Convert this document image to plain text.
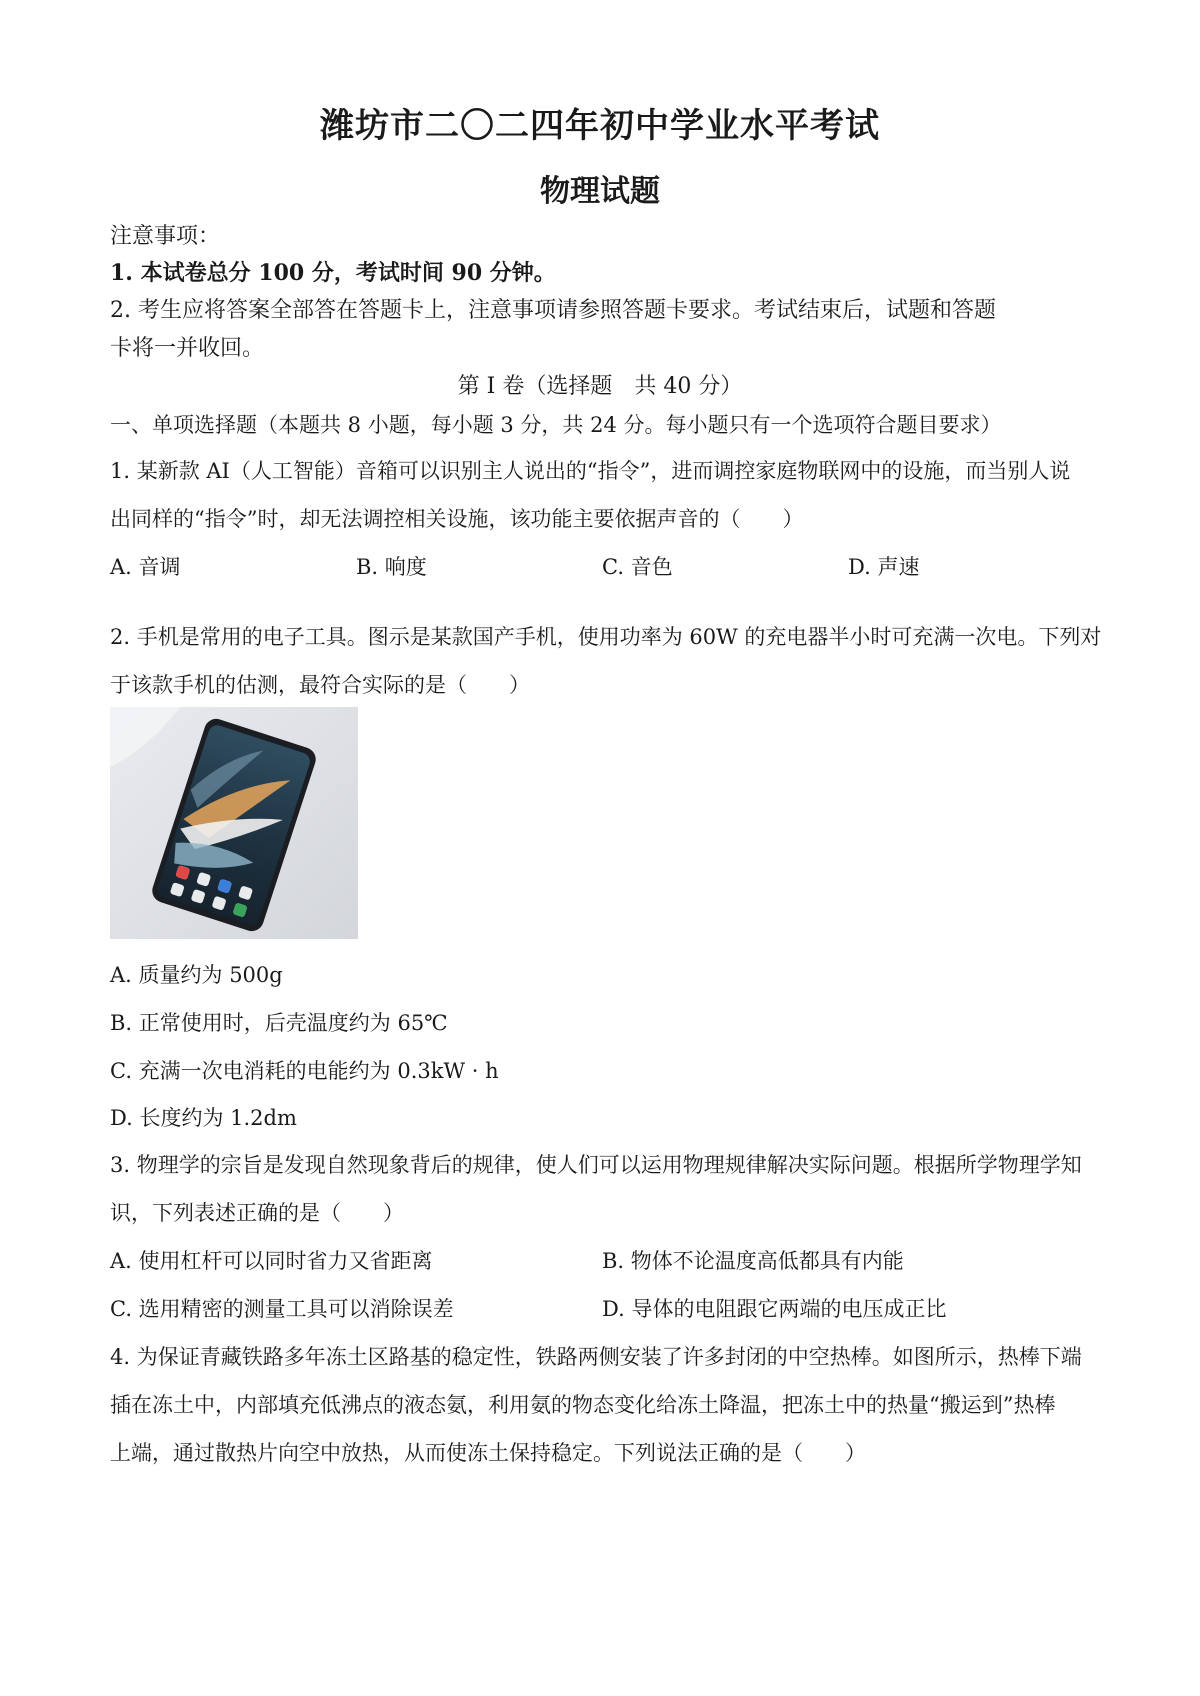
潍坊市二〇二四年初中学业水平考试
物理试题
注意事项：
1. 本试卷总分 100 分，考试时间 90 分钟。
2. 考生应将答案全部答在答题卡上，注意事项请参照答题卡要求。考试结束后，试题和答题
卡将一并收回。
第 I 卷（选择题　共 40 分）
一、单项选择题（本题共 8 小题，每小题 3 分，共 24 分。每小题只有一个选项符合题目要求）
1. 某新款 AI（人工智能）音箱可以识别主人说出的“指令”，进而调控家庭物联网中的设施，而当别人说
出同样的“指令”时，却无法调控相关设施，该功能主要依据声音的（　　）
A. 音调	B. 响度	C. 音色	D. 声速
2. 手机是常用的电子工具。图示是某款国产手机，使用功率为 60W 的充电器半小时可充满一次电。下列对
于该款手机的估测，最符合实际的是（　　）
A. 质量约为 500g
B. 正常使用时，后壳温度约为 65℃
C. 充满一次电消耗的电能约为 0.3kW · h
D. 长度约为 1.2dm
3. 物理学的宗旨是发现自然现象背后的规律，使人们可以运用物理规律解决实际问题。根据所学物理学知
识，下列表述正确的是（　　）
A. 使用杠杆可以同时省力又省距离	B. 物体不论温度高低都具有内能
C. 选用精密的测量工具可以消除误差	D. 导体的电阻跟它两端的电压成正比
4. 为保证青藏铁路多年冻土区路基的稳定性，铁路两侧安装了许多封闭的中空热棒。如图所示，热棒下端
插在冻土中，内部填充低沸点的液态氨，利用氨的物态变化给冻土降温，把冻土中的热量“搬运到”热棒
上端，通过散热片向空中放热，从而使冻土保持稳定。下列说法正确的是（　　）
